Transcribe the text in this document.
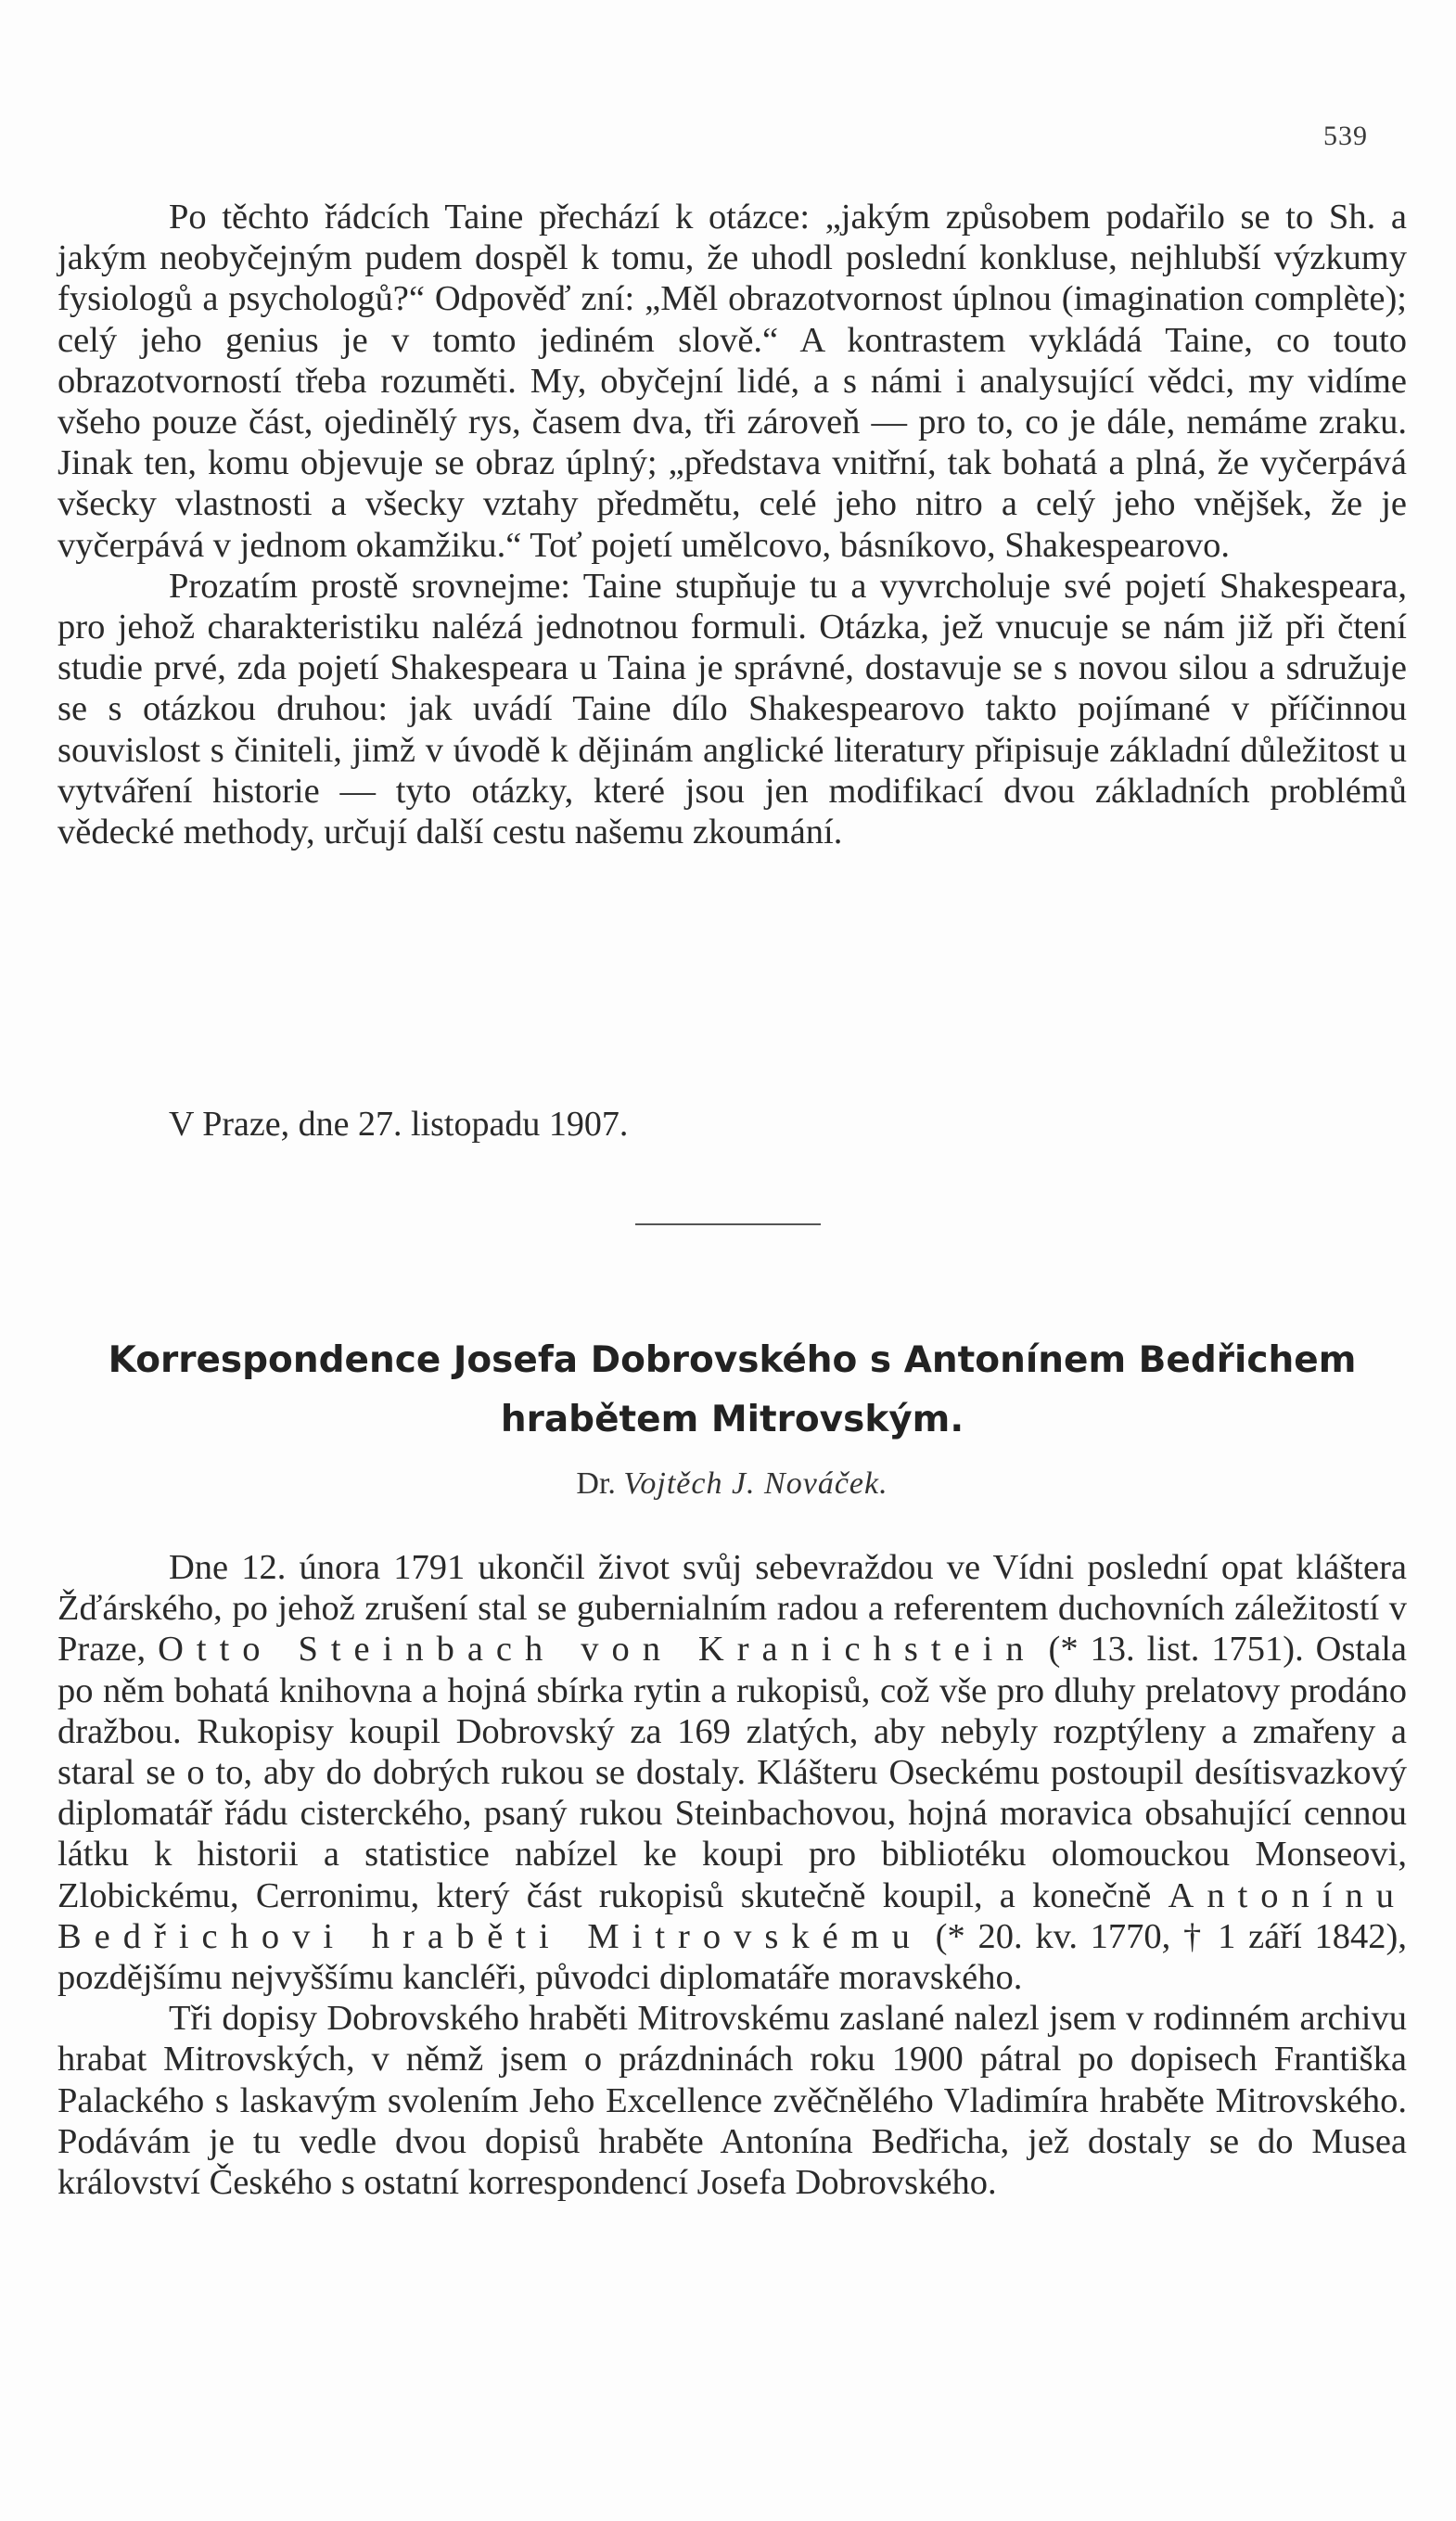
539

Po těchto řádcích Taine přechází k otázce: „jakým způsobem podařilo se to Sh. a jakým neobyčejným pudem dospěl k tomu, že uhodl poslední konkluse, nejhlubší výzkumy fysiologů a psychologů?“ Odpověď zní: „Měl obrazotvornost úplnou (imagination complète); celý jeho genius je v tomto jediném slově.“ A kontrastem vykládá Taine, co touto obrazotvorností třeba rozuměti. My, obyčejní lidé, a s námi i analysující vědci, my vidíme všeho pouze část, ojedinělý rys, časem dva, tři zároveň — pro to, co je dále, nemáme zraku. Jinak ten, komu objevuje se obraz úplný; „představa vnitřní, tak bohatá a plná, že vyčerpává všecky vlastnosti a všecky vztahy předmětu, celé jeho nitro a celý jeho vnějšek, že je vyčerpává v jednom okamžiku.“ Toť pojetí umělcovo, básníkovo, Shakespearovo.

Prozatím prostě srovnejme: Taine stupňuje tu a vyvrcholuje své pojetí Shakespeara, pro jehož charakteristiku nalézá jednotnou formuli. Otázka, jež vnucuje se nám již při čtení studie prvé, zda pojetí Shakespeara u Taina je správné, dostavuje se s novou silou a sdružuje se s otázkou druhou: jak uvádí Taine dílo Shakespearovo takto pojímané v příčinnou souvislost s činiteli, jimž v úvodě k dějinám anglické literatury připisuje základní důležitost u vytváření historie — tyto otázky, které jsou jen modifikací dvou základních problémů vědecké methody, určují další cestu našemu zkoumání.

V Praze, dne 27. listopadu 1907.
Korrespondence Josefa Dobrovského s Antonínem Bedřichem
hrabětem Mitrovským.
Dr. Vojtěch J. Nováček.

Dne 12. února 1791 ukončil život svůj sebevraždou ve Vídni poslední opat kláštera Žďárského, po jehož zrušení stal se gubernialním radou a referentem duchovních záležitostí v Praze, Otto Steinbach von Kranichstein (* 13. list. 1751). Ostala po něm bohatá knihovna a hojná sbírka rytin a rukopisů, což vše pro dluhy prelatovy prodáno dražbou. Rukopisy koupil Dobrovský za 169 zlatých, aby nebyly rozptýleny a zmařeny a staral se o to, aby do dobrých rukou se dostaly. Klášteru Oseckému postoupil desítisvazkový diplomatář řádu cisterckého, psaný rukou Steinbachovou, hojná moravica obsahující cennou látku k historii a statistice nabízel ke koupi pro bibliotéku olomouckou Monseovi, Zlobickému, Cerronimu, který část rukopisů skutečně koupil, a konečně Antonínu Bedřichovi hraběti Mitrovskému (* 20. kv. 1770, † 1 září 1842), pozdějšímu nejvyššímu kancléři, původci diplomatáře moravského.

Tři dopisy Dobrovského hraběti Mitrovskému zaslané nalezl jsem v rodinném archivu hrabat Mitrovských, v němž jsem o prázdninách roku 1900 pátral po dopisech Františka Palackého s laskavým svolením Jeho Excellence zvěčnělého Vladimíra hraběte Mitrovského. Podávám je tu vedle dvou dopisů hraběte Antonína Bedřicha, jež dostaly se do Musea království Českého s ostatní korrespondencí Josefa Dobrovského.
